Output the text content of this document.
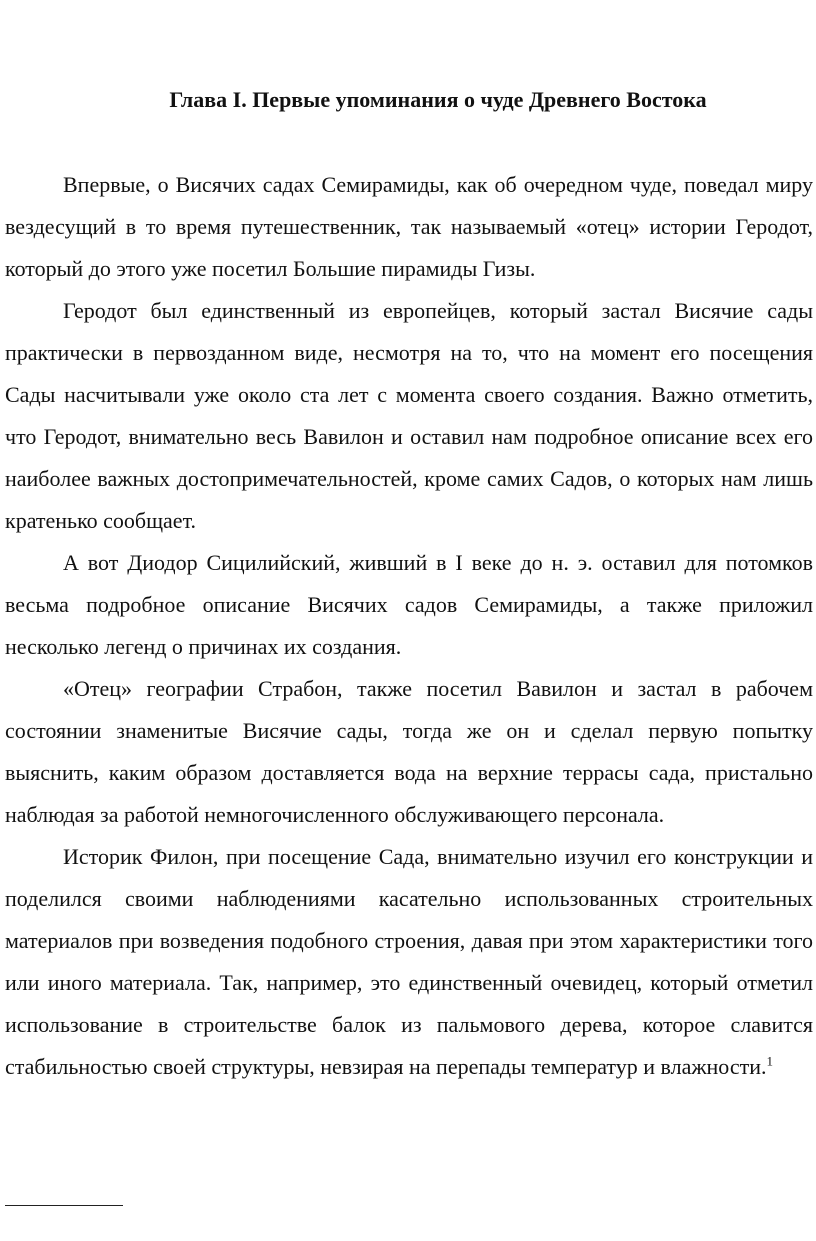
Глава I. Первые упоминания о чуде Древнего Востока

Впервые, о Висячих садах Семирамиды, как об очередном чуде, поведал миру вездесущий в то время путешественник, так называемый «отец» истории Геродот, который до этого уже посетил Большие пирамиды Гизы.

Геродот был единственный из европейцев, который застал Висячие сады практически в первозданном виде, несмотря на то, что на момент его посещения Сады насчитывали уже около ста лет с момента своего создания. Важно отметить, что Геродот, внимательно весь Вавилон и оставил нам подробное описание всех его наиболее важных достопримечательностей, кроме самих Садов, о которых нам лишь кратенько сообщает.

А вот Диодор Сицилийский, живший в I веке до н. э. оставил для потомков весьма подробное описание Висячих садов Семирамиды, а также приложил несколько легенд о причинах их создания.

«Отец» географии Страбон, также посетил Вавилон и застал в рабочем состоянии знаменитые Висячие сады, тогда же он и сделал первую попытку выяснить, каким образом доставляется вода на верхние террасы сада, пристально наблюдая за работой немногочисленного обслуживающего персонала.

Историк Филон, при посещение Сада, внимательно изучил его конструкции и поделился своими наблюдениями касательно использованных строительных материалов при возведения подобного строения, давая при этом характеристики того или иного материала. Так, например, это единственный очевидец, который отметил использование в строительстве балок из пальмового дерева, которое славится стабильностью своей структуры, невзирая на перепады температур и влажности.$^1$
